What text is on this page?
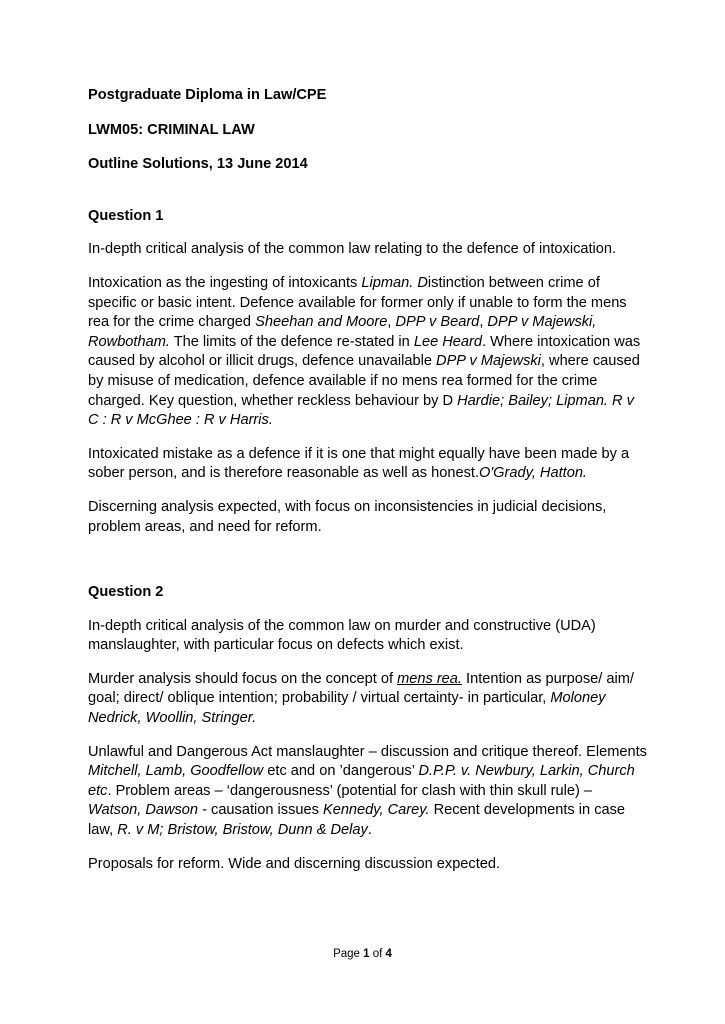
Postgraduate Diploma in Law/CPE

LWM05: CRIMINAL LAW

Outline Solutions, 13 June 2014

Question 1

In-depth critical analysis of the common law relating to the defence of intoxication.

Intoxication as the ingesting of intoxicants Lipman. Distinction between crime of specific or basic intent. Defence available for former only if unable to form the mens rea for the crime charged Sheehan and Moore, DPP v Beard, DPP v Majewski, Rowbotham. The limits of the defence re-stated in Lee Heard. Where intoxication was caused by alcohol or illicit drugs, defence unavailable DPP v Majewski, where caused by misuse of medication, defence available if no mens rea formed for the crime charged. Key question, whether reckless behaviour by D Hardie; Bailey; Lipman. R v C : R v McGhee : R v Harris.

Intoxicated mistake as a defence if it is one that might equally have been made by a sober person, and is therefore reasonable as well as honest.O'Grady, Hatton.

Discerning analysis expected, with focus on inconsistencies in judicial decisions, problem areas, and need for reform.

Question 2

In-depth critical analysis of the common law on murder and constructive (UDA) manslaughter, with particular focus on defects which exist.

Murder analysis should focus on the concept of mens rea. Intention as purpose/ aim/ goal; direct/ oblique intention; probability / virtual certainty- in particular, Moloney Nedrick, Woollin, Stringer.

Unlawful and Dangerous Act manslaughter – discussion and critique thereof. Elements Mitchell, Lamb, Goodfellow etc and on ’dangerous’ D.P.P. v. Newbury, Larkin, Church etc. Problem areas – ‘dangerousness’ (potential for clash with thin skull rule) – Watson, Dawson - causation issues Kennedy, Carey. Recent developments in case law, R. v M; Bristow, Bristow, Dunn & Delay.

Proposals for reform. Wide and discerning discussion expected.

Page 1 of 4
